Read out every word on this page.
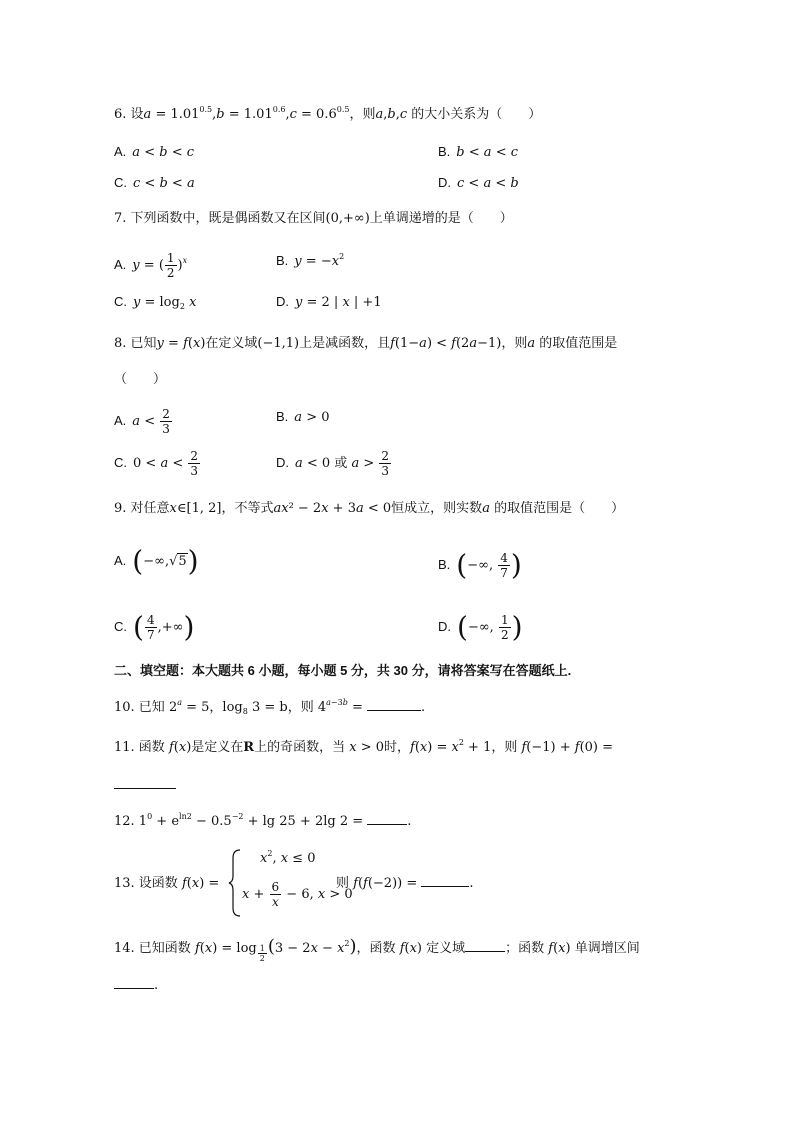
6. 设$a = 1.01^{0.5},b = 1.01^{0.6},c = 0.6^{0.5}$，则a,b,c 的大小关系为（　　）
A. a < b < c	B. b < a < c
C. c < b < a	D. c < a < b
7. 下列函数中，既是偶函数又在区间(0,+∞)上单调递增的是（　　）
A. y = ( $\frac{1}{2} )^x$	B. $y = -x^2$
C. $y = \log_2 x$	D. y = 2 | x | +1
8. 已知y = f(x)在定义域(−1,1)上是减函数，且f(1−a) < f(2a−1)，则a 的取值范围是
（　　）
A. $a < \frac{2}{3}$	B. a > 0
C. $0 < a < \frac{2}{3}$	D. a < 0 或 $a > \frac{2}{3}$
9. 对任意x∈[1, 2]，不等式ax² − 2x + 3a < 0恒成立，则实数a 的取值范围是（　　）
A. (−∞,√5)	B. (−∞, $\frac{4}{7}$ )
C. ( $\frac{4}{7}$ ,+∞)	D. (−∞, $\frac{1}{2}$ )
二、填空题：本大题共 6 小题，每小题 5 分，共 30 分，请将答案写在答题纸上.
10. 已知 $2^a = 5$，$\log_8 3 = b$，则 $4^{a-3b}$ =	.
11. 函数 f(x)是定义在R上的奇函数，当 x > 0时，$f(x) = x^2 + 1$，则 f(−1) + f(0) =
12. $1^0 + e^{ln2} - 0.5^{-2} + \lg 25 + 2\lg$ 2 =	.
13. 设函数 f(x) =
$x^2$, x ≤ 0
$x + \frac{6}{x} - 6$, x > 0
则 f(f(−2)) =	.
14. 已知函数 f(x) = log $_{\frac{1}{2}}$ $(3 - 2x - x^2)$，函数 f(x) 定义域	；函数 f(x) 单调增区间
.
